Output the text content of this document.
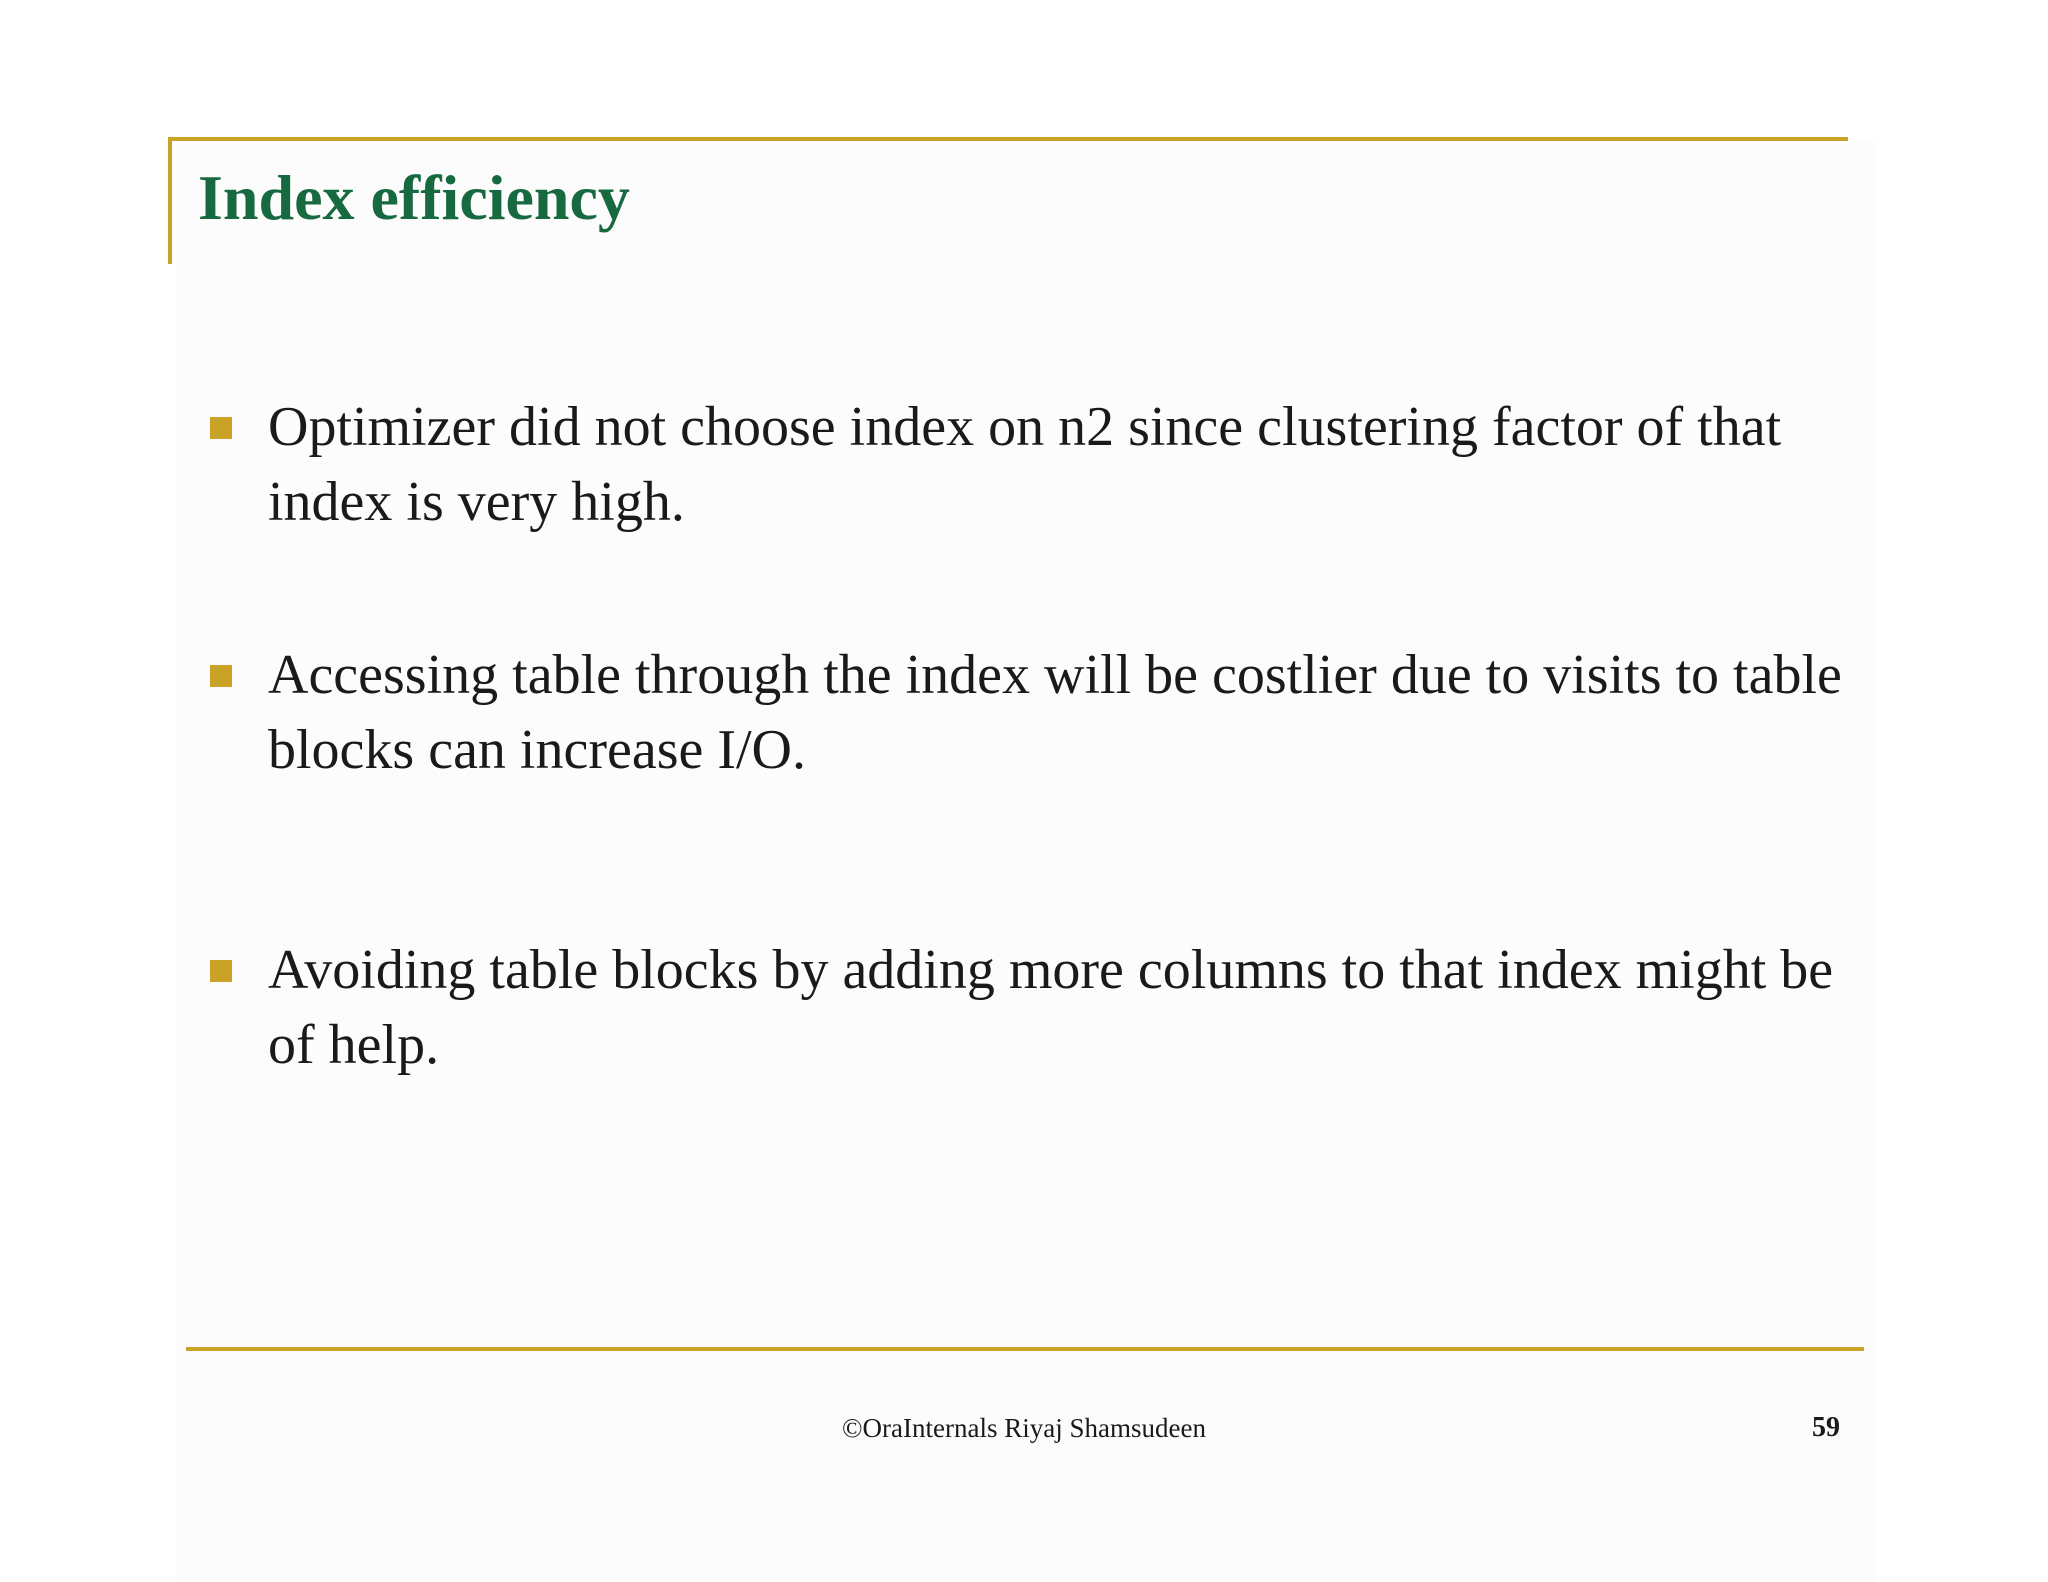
Index efficiency
Optimizer did not choose index on n2 since clustering factor of that index is very high.
Accessing table through the index will be costlier due to visits to table blocks can increase I/O.
Avoiding table blocks by adding more columns to that index might be of help.
©OraInternals Riyaj Shamsudeen	59
